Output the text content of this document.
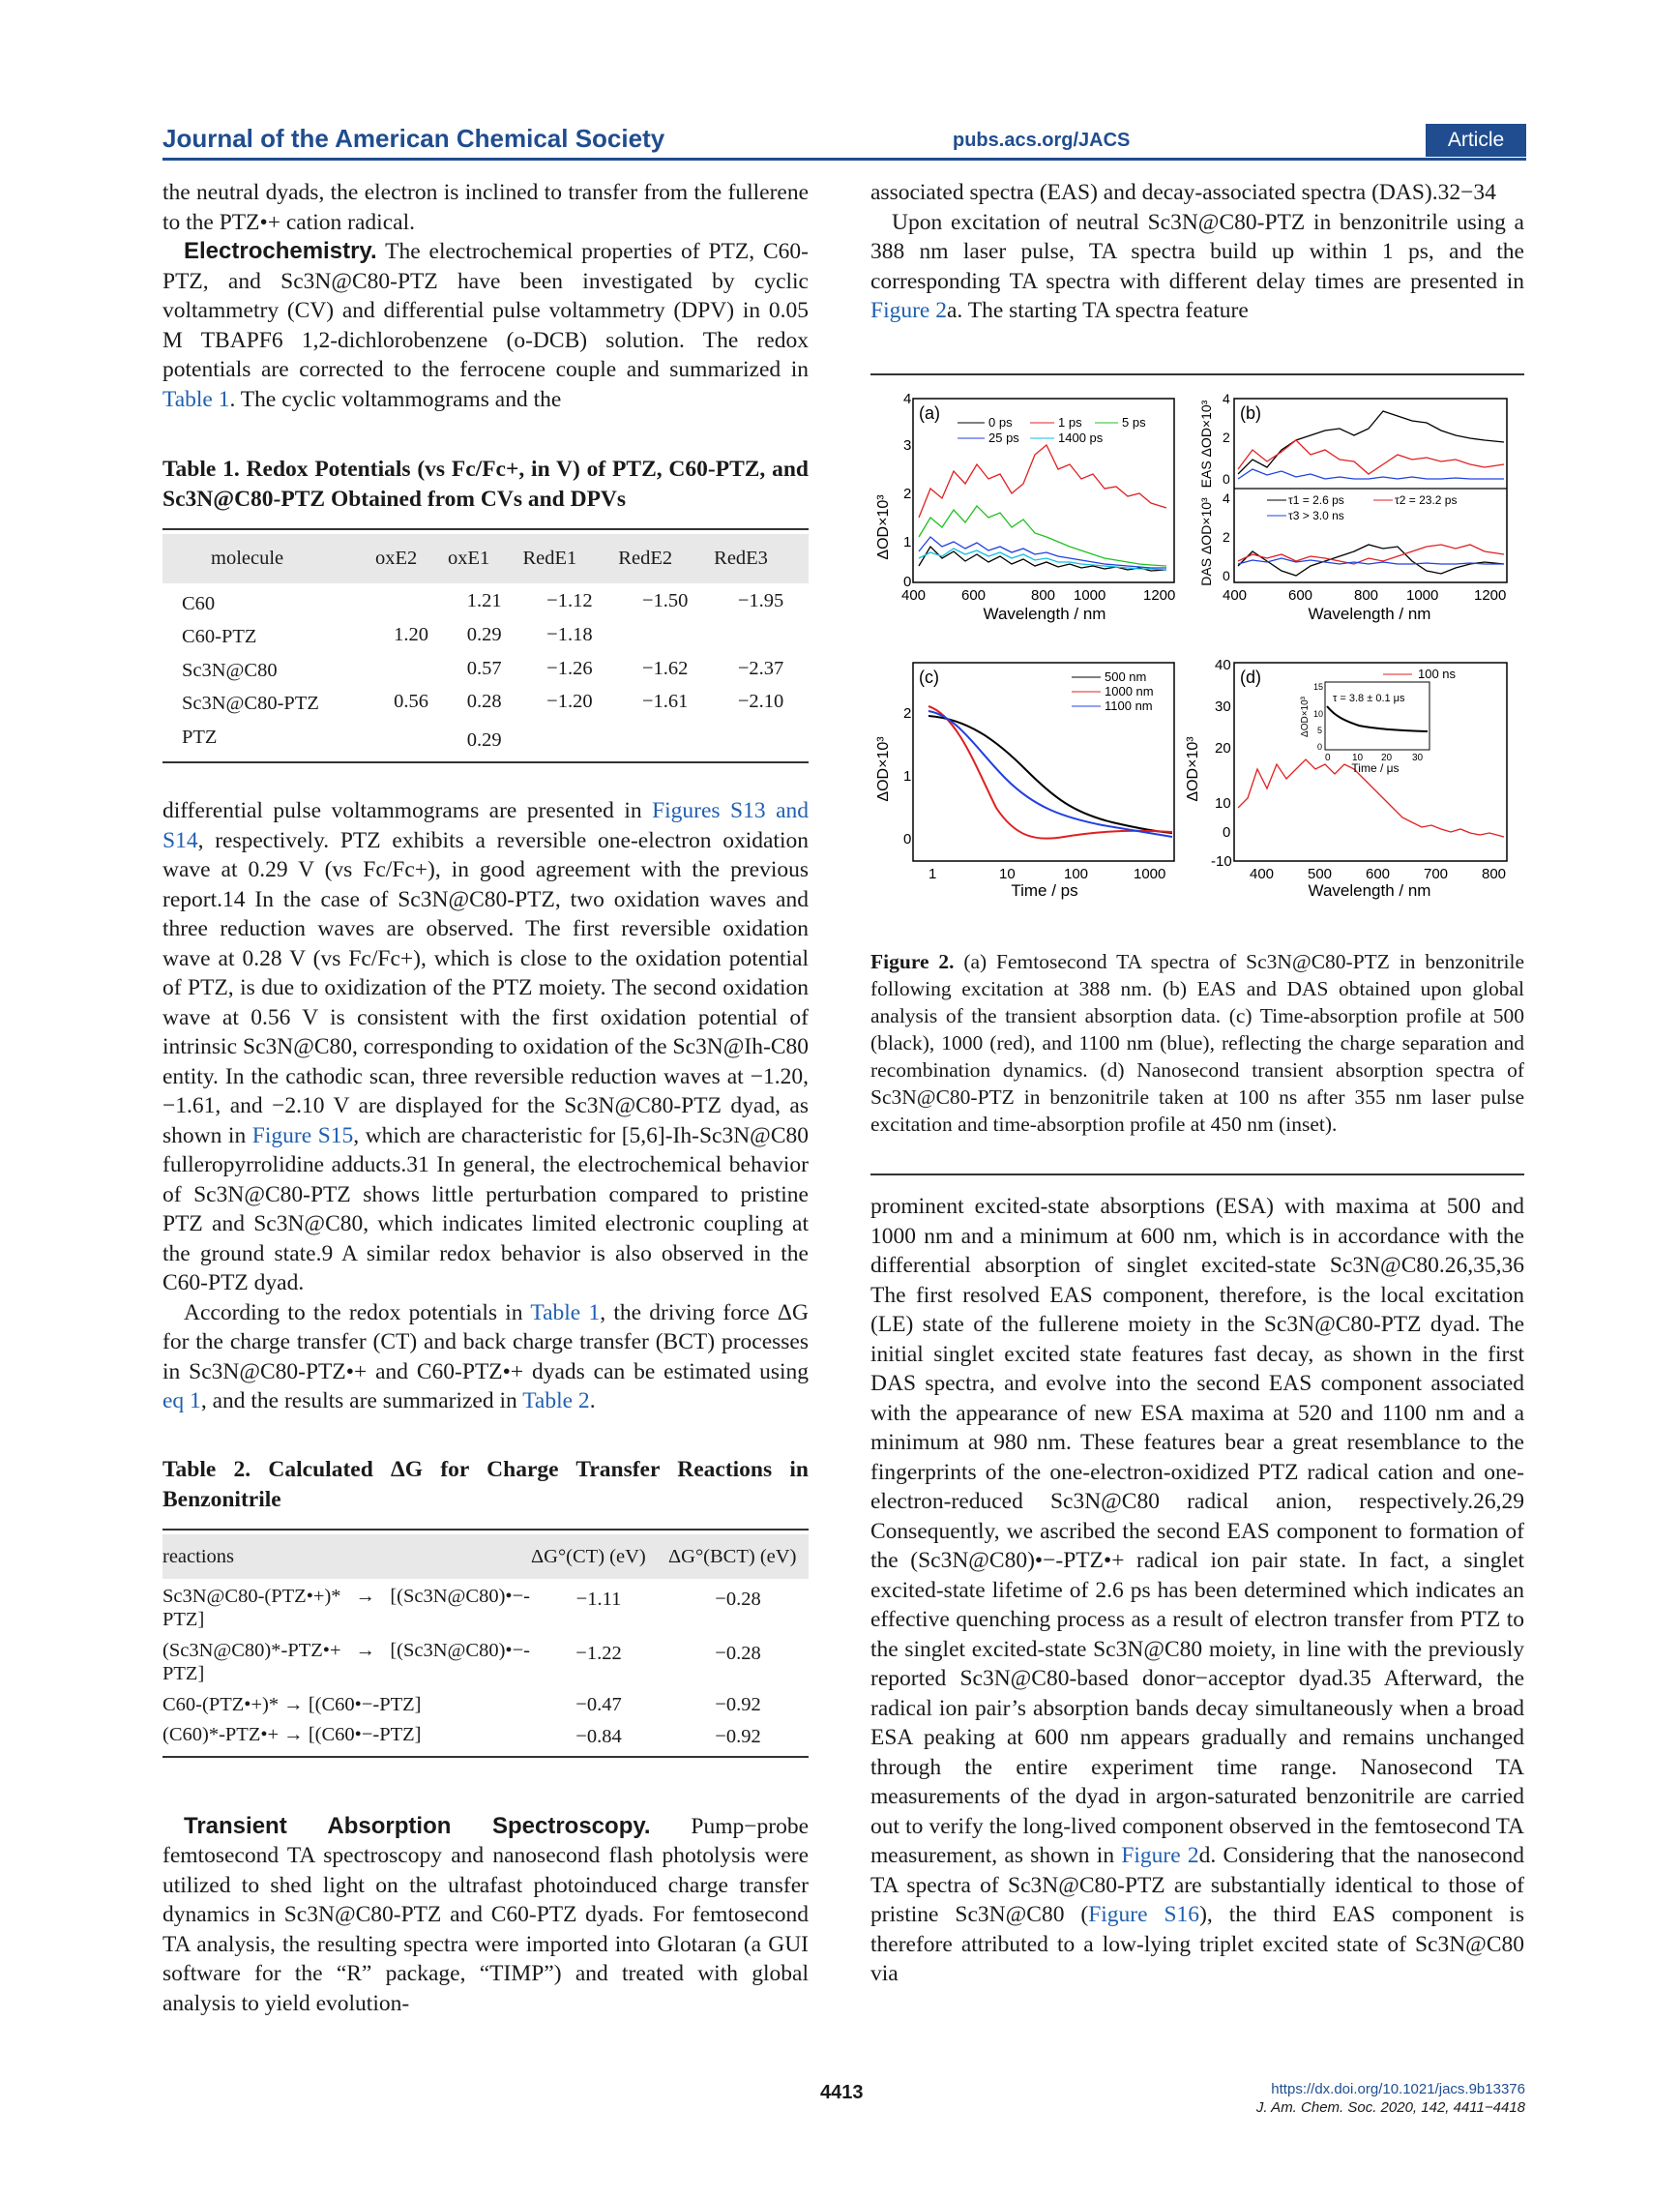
Journal of the American Chemical Society	pubs.acs.org/JACS	Article

the neutral dyads, the electron is inclined to transfer from the fullerene to the PTZ•+ cation radical.

Electrochemistry. The electrochemical properties of PTZ, C60-PTZ, and Sc3N@C80-PTZ have been investigated by cyclic voltammetry (CV) and differential pulse voltammetry (DPV) in 0.05 M TBAPF6 1,2-dichlorobenzene (o-DCB) solution. The redox potentials are corrected to the ferrocene couple and summarized in Table 1. The cyclic voltammograms and the

Table 1. Redox Potentials (vs Fc/Fc+, in V) of PTZ, C60-PTZ, and Sc3N@C80-PTZ Obtained from CVs and DPVs
molecule	oxE2	oxE1	RedE1	RedE2	RedE3
C60		1.21	−1.12	−1.50	−1.95
C60-PTZ	1.20	0.29	−1.18		
Sc3N@C80		0.57	−1.26	−1.62	−2.37
Sc3N@C80-PTZ	0.56	0.28	−1.20	−1.61	−2.10
PTZ		0.29			

differential pulse voltammograms are presented in Figures S13 and S14, respectively. PTZ exhibits a reversible one-electron oxidation wave at 0.29 V (vs Fc/Fc+), in good agreement with the previous report.14 In the case of Sc3N@C80-PTZ, two oxidation waves and three reduction waves are observed. The first reversible oxidation wave at 0.28 V (vs Fc/Fc+), which is close to the oxidation potential of PTZ, is due to oxidization of the PTZ moiety. The second oxidation wave at 0.56 V is consistent with the first oxidation potential of intrinsic Sc3N@C80, corresponding to oxidation of the Sc3N@Ih-C80 entity. In the cathodic scan, three reversible reduction waves at −1.20, −1.61, and −2.10 V are displayed for the Sc3N@C80-PTZ dyad, as shown in Figure S15, which are characteristic for [5,6]-Ih-Sc3N@C80 fulleropyrrolidine adducts.31 In general, the electrochemical behavior of Sc3N@C80-PTZ shows little perturbation compared to pristine PTZ and Sc3N@C80, which indicates limited electronic coupling at the ground state.9 A similar redox behavior is also observed in the C60-PTZ dyad.

According to the redox potentials in Table 1, the driving force ΔG for the charge transfer (CT) and back charge transfer (BCT) processes in Sc3N@C80-PTZ•+ and C60-PTZ•+ dyads can be estimated using eq 1, and the results are summarized in Table 2.

Table 2. Calculated ΔG for Charge Transfer Reactions in Benzonitrile
reactions	ΔG°(CT) (eV)	ΔG°(BCT) (eV)
Sc3N@C80-(PTZ•+)* → [(Sc3N@C80)•−-PTZ]	−1.11	−0.28
(Sc3N@C80)*-PTZ•+ → [(Sc3N@C80)•−-PTZ]	−1.22	−0.28
C60-(PTZ•+)* → [(C60•−-PTZ]	−0.47	−0.92
(C60)*-PTZ•+ → [(C60•−-PTZ]	−0.84	−0.92

Transient Absorption Spectroscopy. Pump−probe femtosecond TA spectroscopy and nanosecond flash photolysis were utilized to shed light on the ultrafast photoinduced charge transfer dynamics in Sc3N@C80-PTZ and C60-PTZ dyads. For femtosecond TA analysis, the resulting spectra were imported into Glotaran (a GUI software for the “R” package, “TIMP”) and treated with global analysis to yield evolution-

associated spectra (EAS) and decay-associated spectra (DAS).32−34

Upon excitation of neutral Sc3N@C80-PTZ in benzonitrile using a 388 nm laser pulse, TA spectra build up within 1 ps, and the corresponding TA spectra with different delay times are presented in Figure 2a. The starting TA spectra feature

(a)	0 ps	1 ps	5 ps
25 ps	1400 ps
0
1
2
3
4
400 600	800 1000	1200
Wavelength / nm
ΔOD×10³
(b)
τ1 = 2.6 ps	τ2 = 23.2 ps
τ3 > 3.0 ns
0
2
4
0
2
4
400	600	800 1000 1200
Wavelength / nm
EAS ΔOD×10³
DAS ΔOD×10³
(c)	500 nm
1000 nm
1100 nm
0
1
2
1	10	100	1000
Time / ps
ΔOD×10³
(d)	100 ns
τ = 3.8 ± 0.1 μs
0
5
10
15
0 10 20 30
Time / μs
ΔOD×10³
-10
0
10
20
30
40
400 500 600 700 800
Wavelength / nm
ΔOD×10³
Figure 2. (a) Femtosecond TA spectra of Sc3N@C80-PTZ in benzonitrile following excitation at 388 nm. (b) EAS and DAS obtained upon global analysis of the transient absorption data. (c) Time-absorption profile at 500 (black), 1000 (red), and 1100 nm (blue), reflecting the charge separation and recombination dynamics. (d) Nanosecond transient absorption spectra of Sc3N@C80-PTZ in benzonitrile taken at 100 ns after 355 nm laser pulse excitation and time-absorption profile at 450 nm (inset).

prominent excited-state absorptions (ESA) with maxima at 500 and 1000 nm and a minimum at 600 nm, which is in accordance with the differential absorption of singlet excited-state Sc3N@C80.26,35,36 The first resolved EAS component, therefore, is the local excitation (LE) state of the fullerene moiety in the Sc3N@C80-PTZ dyad. The initial singlet excited state features fast decay, as shown in the first DAS spectra, and evolve into the second EAS component associated with the appearance of new ESA maxima at 520 and 1100 nm and a minimum at 980 nm. These features bear a great resemblance to the fingerprints of the one-electron-oxidized PTZ radical cation and one-electron-reduced Sc3N@C80 radical anion, respectively.26,29 Consequently, we ascribed the second EAS component to formation of the (Sc3N@C80)•−-PTZ•+ radical ion pair state. In fact, a singlet excited-state lifetime of 2.6 ps has been determined which indicates an effective quenching process as a result of electron transfer from PTZ to the singlet excited-state Sc3N@C80 moiety, in line with the previously reported Sc3N@C80-based donor−acceptor dyad.35 Afterward, the radical ion pair’s absorption bands decay simultaneously when a broad ESA peaking at 600 nm appears gradually and remains unchanged through the entire experiment time range. Nanosecond TA measurements of the dyad in argon-saturated benzonitrile are carried out to verify the long-lived component observed in the femtosecond TA measurement, as shown in Figure 2d. Considering that the nanosecond TA spectra of Sc3N@C80-PTZ are substantially identical to those of pristine Sc3N@C80 (Figure S16), the third EAS component is therefore attributed to a low-lying triplet excited state of Sc3N@C80 via

4413	https://dx.doi.org/10.1021/jacs.9b13376
J. Am. Chem. Soc. 2020, 142, 4411−4418
